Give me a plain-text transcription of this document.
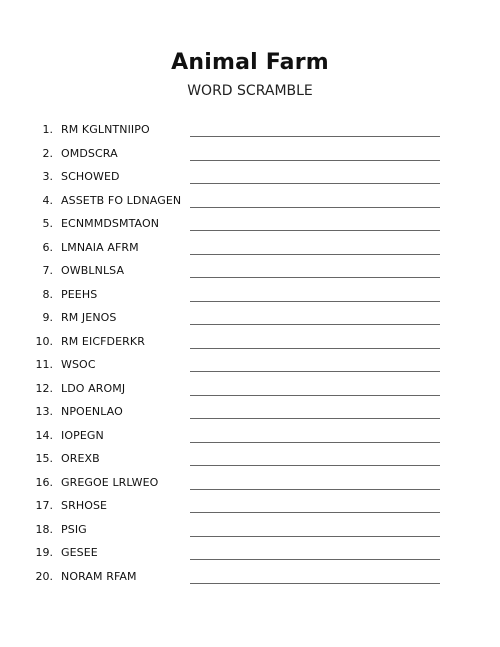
Animal Farm
WORD SCRAMBLE
1. RM KGLNTNIIPO
2. OMDSCRA
3. SCHOWED
4. ASSETB FO LDNAGEN
5. ECNMMDSMTAON
6. LMNAIA AFRM
7. OWBLNLSA
8. PEEHS
9. RM JENOS
10. RM EICFDERKR
11. WSOC
12. LDO AROMJ
13. NPOENLAO
14. IOPEGN
15. OREXB
16. GREGOE LRLWEO
17. SRHOSE
18. PSIG
19. GESEE
20. NORAM RFAM
